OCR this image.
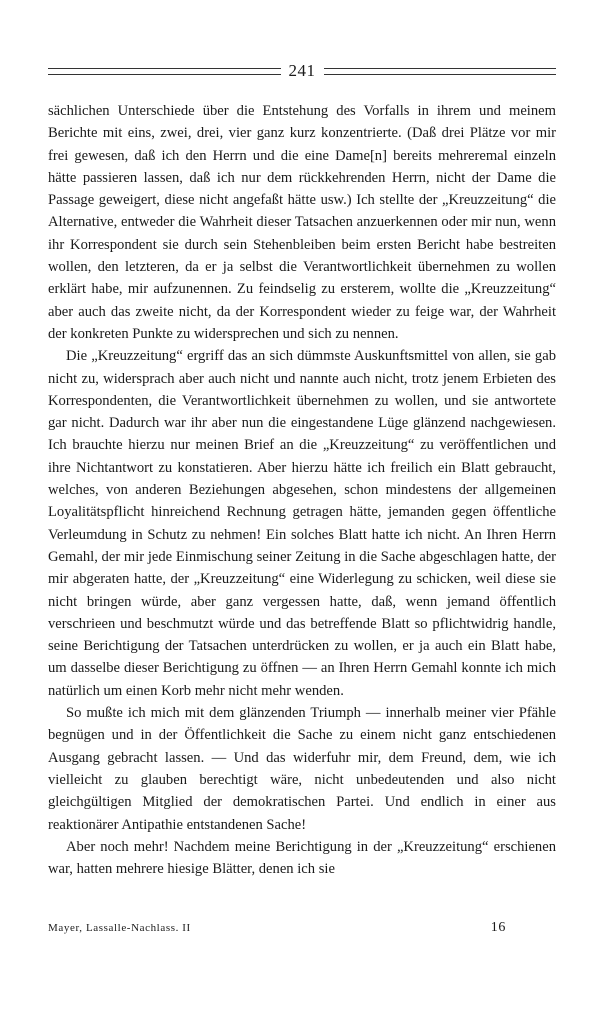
241

sächlichen Unterschiede über die Entstehung des Vorfalls in ihrem und meinem Berichte mit eins, zwei, drei, vier ganz kurz konzentrierte. (Daß drei Plätze vor mir frei gewesen, daß ich den Herrn und die eine Dame[n] bereits mehreremal einzeln hätte passieren lassen, daß ich nur dem rückkehrenden Herrn, nicht der Dame die Passage geweigert, diese nicht angefaßt hätte usw.) Ich stellte der „Kreuzzeitung“ die Alternative, entweder die Wahrheit dieser Tatsachen anzuerkennen oder mir nun, wenn ihr Korrespondent sie durch sein Stehenbleiben beim ersten Bericht habe bestreiten wollen, den letzteren, da er ja selbst die Verantwortlichkeit übernehmen zu wollen erklärt habe, mir aufzunennen. Zu feindselig zu ersterem, wollte die „Kreuzzeitung“ aber auch das zweite nicht, da der Korrespondent wieder zu feige war, der Wahrheit der konkreten Punkte zu widersprechen und sich zu nennen.

Die „Kreuzzeitung“ ergriff das an sich dümmste Auskunftsmittel von allen, sie gab nicht zu, widersprach aber auch nicht und nannte auch nicht, trotz jenem Erbieten des Korrespondenten, die Verantwortlichkeit übernehmen zu wollen, und sie antwortete gar nicht. Dadurch war ihr aber nun die eingestandene Lüge glänzend nachgewiesen. Ich brauchte hierzu nur meinen Brief an die „Kreuzzeitung“ zu veröffentlichen und ihre Nichtantwort zu konstatieren. Aber hierzu hätte ich freilich ein Blatt gebraucht, welches, von anderen Beziehungen abgesehen, schon mindestens der allgemeinen Loyalitätspflicht hinreichend Rechnung getragen hätte, jemanden gegen öffentliche Verleumdung in Schutz zu nehmen! Ein solches Blatt hatte ich nicht. An Ihren Herrn Gemahl, der mir jede Einmischung seiner Zeitung in die Sache abgeschlagen hatte, der mir abgeraten hatte, der „Kreuzzeitung“ eine Widerlegung zu schicken, weil diese sie nicht bringen würde, aber ganz vergessen hatte, daß, wenn jemand öffentlich verschrieen und beschmutzt würde und das betreffende Blatt so pflichtwidrig handle, seine Berichtigung der Tatsachen unterdrücken zu wollen, er ja auch ein Blatt habe, um dasselbe dieser Berichtigung zu öffnen — an Ihren Herrn Gemahl konnte ich mich natürlich um einen Korb mehr nicht mehr wenden.

So mußte ich mich mit dem glänzenden Triumph — innerhalb meiner vier Pfähle begnügen und in der Öffentlichkeit die Sache zu einem nicht ganz entschiedenen Ausgang gebracht lassen. — Und das widerfuhr mir, dem Freund, dem, wie ich vielleicht zu glauben berechtigt wäre, nicht unbedeutenden und also nicht gleichgültigen Mitglied der demokratischen Partei. Und endlich in einer aus reaktionärer Antipathie entstandenen Sache!

Aber noch mehr! Nachdem meine Berichtigung in der „Kreuzzeitung“ erschienen war, hatten mehrere hiesige Blätter, denen ich sie

Mayer, Lassalle-Nachlass. II	16
